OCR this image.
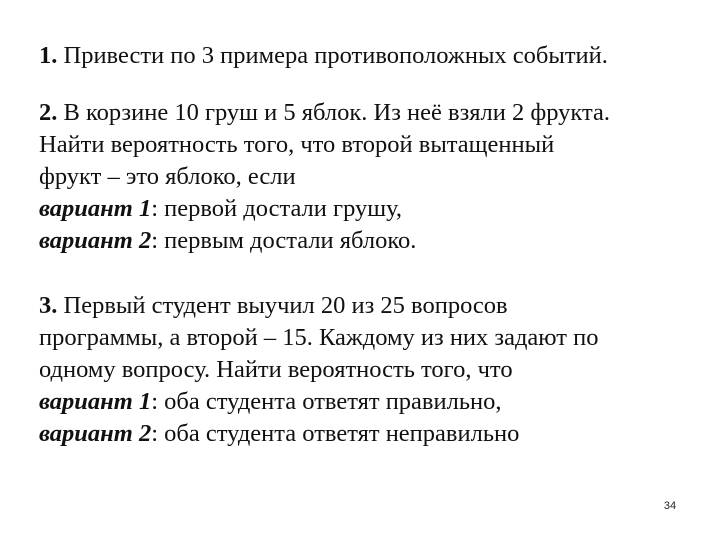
1. Привести по 3 примера противоположных событий.

2. В корзине 10 груш и 5 яблок. Из неё взяли 2 фрукта.
Найти вероятность того, что второй вытащенный
фрукт – это яблоко, если
вариант 1: первой достали грушу,
вариант 2: первым достали яблоко.

3. Первый студент выучил 20 из 25 вопросов
программы, а второй – 15. Каждому из них задают по
одному вопросу. Найти вероятность того, что
вариант 1: оба студента ответят правильно,
вариант 2: оба студента ответят неправильно

34
